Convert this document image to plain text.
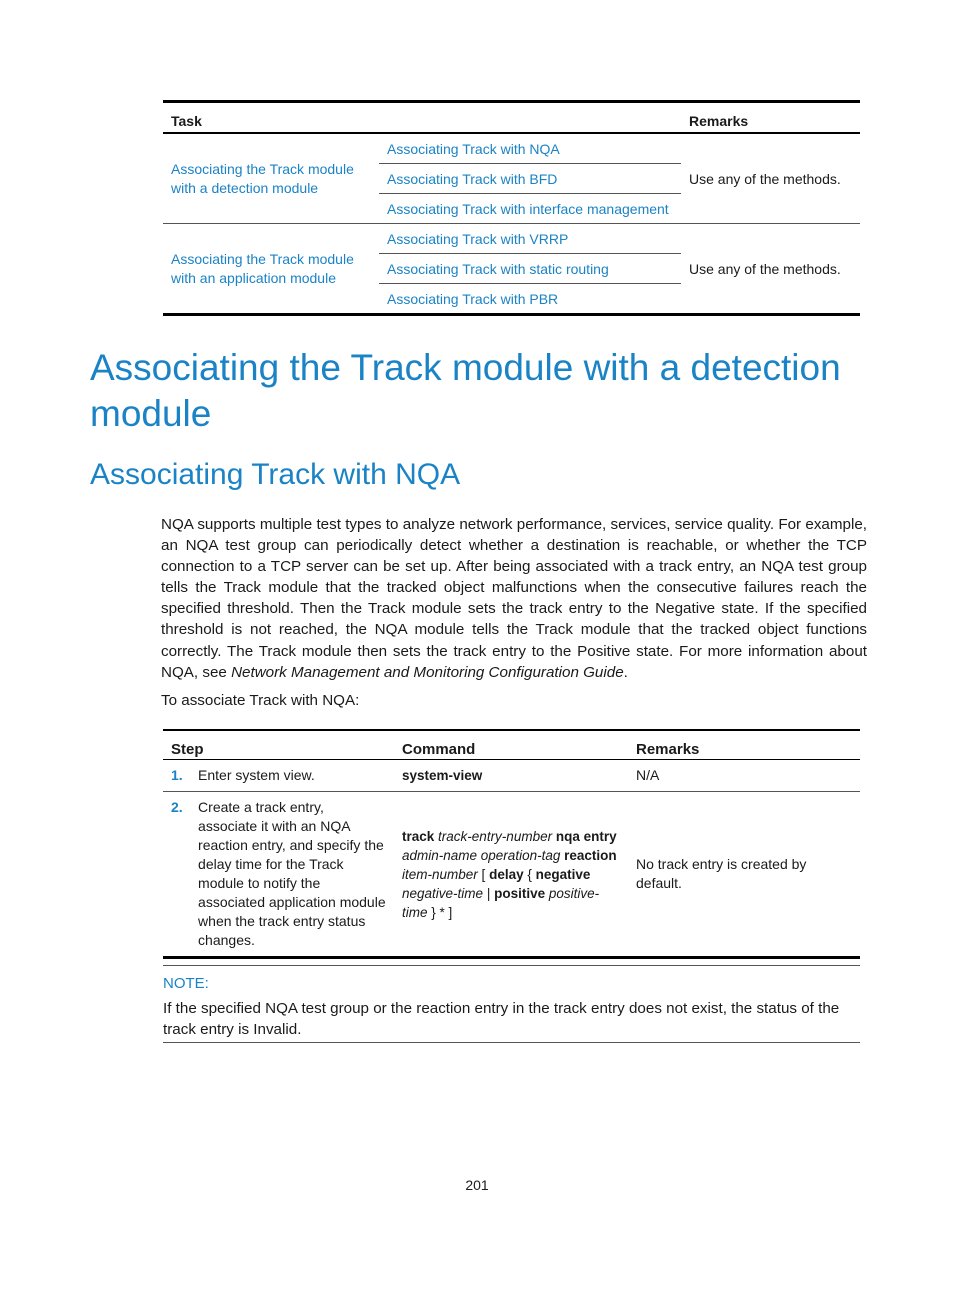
Task		Remarks
Associating the Track module with a detection module	Associating Track with NQA	Use any of the methods.
	Associating Track with BFD	
	Associating Track with interface management	
Associating the Track module with an application module	Associating Track with VRRP	Use any of the methods.
	Associating Track with static routing	
	Associating Track with PBR	
Associating the Track module with a detection module
Associating Track with NQA

NQA supports multiple test types to analyze network performance, services, service quality. For example, an NQA test group can periodically detect whether a destination is reachable, or whether the TCP connection to a TCP server can be set up. After being associated with a track entry, an NQA test group tells the Track module that the tracked object malfunctions when the consecutive failures reach the specified threshold. Then the Track module sets the track entry to the Negative state. If the specified threshold is not reached, the NQA module tells the Track module that the tracked object functions correctly. The Track module then sets the track entry to the Positive state. For more information about NQA, see Network Management and Monitoring Configuration Guide.

To associate Track with NQA:

Step		Command	Remarks
1.	Enter system view.	system-view	N/A
2.	Create a track entry, associate it with an NQA reaction entry, and specify the delay time for the Track module to notify the associated application module when the track entry status changes.	track track-entry-number nqa entry admin-name operation-tag reaction item-number [ delay { negative negative-time | positive positive-time } * ]	No track entry is created by default.
NOTE:

If the specified NQA test group or the reaction entry in the track entry does not exist, the status of the track entry is Invalid.

201
